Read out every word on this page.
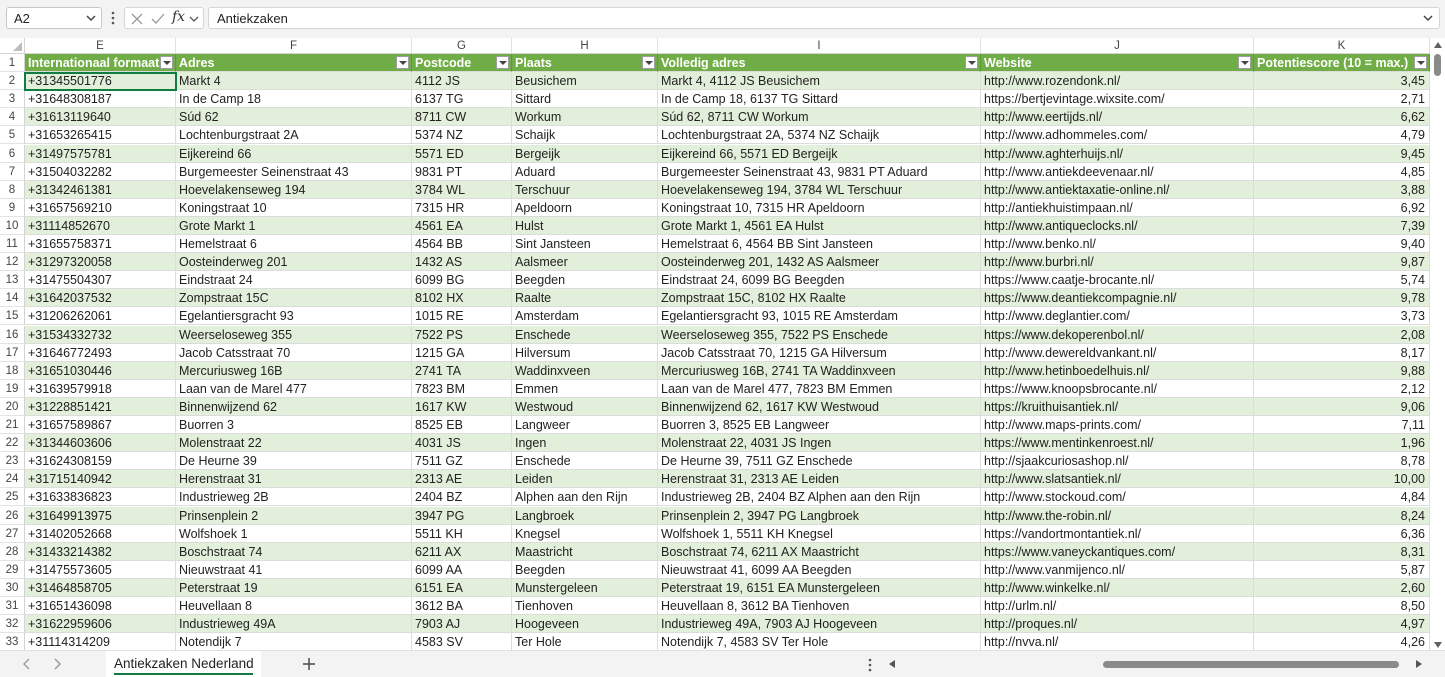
A2	fx Antiekzaken
E	F	G	H	I	J	K
1	Internationaal formaat	Adres	Postcode	Plaats	Volledig adres	Website	Potentiescore (10 = max.)
2	+31345501776	Markt 4	4112 JS	Beusichem	Markt 4, 4112 JS Beusichem	http://www.rozendonk.nl/	3,45
3	+31648308187	In de Camp 18	6137 TG	Sittard	In de Camp 18, 6137 TG Sittard	https://bertjevintage.wixsite.com/	2,71
4	+31613119640	Súd 62	8711 CW	Workum	Súd 62, 8711 CW Workum	http://www.eertijds.nl/	6,62
5	+31653265415	Lochtenburgstraat 2A	5374 NZ	Schaijk	Lochtenburgstraat 2A, 5374 NZ Schaijk	http://www.adhommeles.com/	4,79
6	+31497575781	Eijkereind 66	5571 ED	Bergeijk	Eijkereind 66, 5571 ED Bergeijk	http://www.aghterhuijs.nl/	9,45
7	+31504032282	Burgemeester Seinenstraat 43	9831 PT	Aduard	Burgemeester Seinenstraat 43, 9831 PT Aduard	http://www.antiekdeevenaar.nl/	4,85
8	+31342461381	Hoevelakenseweg 194	3784 WL	Terschuur	Hoevelakenseweg 194, 3784 WL Terschuur	http://www.antiektaxatie-online.nl/	3,88
9	+31657569210	Koningstraat 10	7315 HR	Apeldoorn	Koningstraat 10, 7315 HR Apeldoorn	http://antiekhuistimpaan.nl/	6,92
10 +31114852670	Grote Markt 1	4561 EA	Hulst	Grote Markt 1, 4561 EA Hulst	http://www.antiqueclocks.nl/	7,39
11 +31655758371	Hemelstraat 6	4564 BB	Sint Jansteen	Hemelstraat 6, 4564 BB Sint Jansteen	http://www.benko.nl/	9,40
12 +31297320058	Oosteinderweg 201	1432 AS	Aalsmeer	Oosteinderweg 201, 1432 AS Aalsmeer	http://www.burbri.nl/	9,87
13 +31475504307	Eindstraat 24	6099 BG	Beegden	Eindstraat 24, 6099 BG Beegden	https://www.caatje-brocante.nl/	5,74
14 +31642037532	Zompstraat 15C	8102 HX	Raalte	Zompstraat 15C, 8102 HX Raalte	https://www.deantiekcompagnie.nl/	9,78
15 +31206262061	Egelantiersgracht 93	1015 RE	Amsterdam	Egelantiersgracht 93, 1015 RE Amsterdam	http://www.deglantier.com/	3,73
16 +31534332732	Weerseloseweg 355	7522 PS	Enschede	Weerseloseweg 355, 7522 PS Enschede	https://www.dekoperenbol.nl/	2,08
17 +31646772493	Jacob Catsstraat 70	1215 GA	Hilversum	Jacob Catsstraat 70, 1215 GA Hilversum	http://www.dewereldvankant.nl/	8,17
18 +31651030446	Mercuriusweg 16B	2741 TA	Waddinxveen	Mercuriusweg 16B, 2741 TA Waddinxveen	http://www.hetinboedelhuis.nl/	9,88
19 +31639579918	Laan van de Marel 477	7823 BM	Emmen	Laan van de Marel 477, 7823 BM Emmen	https://www.knoopsbrocante.nl/	2,12
20 +31228851421	Binnenwijzend 62	1617 KW	Westwoud	Binnenwijzend 62, 1617 KW Westwoud	https://kruithuisantiek.nl/	9,06
21 +31657589867	Buorren 3	8525 EB	Langweer	Buorren 3, 8525 EB Langweer	http://www.maps-prints.com/	7,11
22 +31344603606	Molenstraat 22	4031 JS	Ingen	Molenstraat 22, 4031 JS Ingen	https://www.mentinkenroest.nl/	1,96
23 +31624308159	De Heurne 39	7511 GZ	Enschede	De Heurne 39, 7511 GZ Enschede	http://sjaakcuriosashop.nl/	8,78
24 +31715140942	Herenstraat 31	2313 AE	Leiden	Herenstraat 31, 2313 AE Leiden	http://www.slatsantiek.nl/	10,00
25 +31633836823	Industrieweg 2B	2404 BZ	Alphen aan den Rijn	Industrieweg 2B, 2404 BZ Alphen aan den Rijn	http://www.stockoud.com/	4,84
26 +31649913975	Prinsenplein 2	3947 PG	Langbroek	Prinsenplein 2, 3947 PG Langbroek	http://www.the-robin.nl/	8,24
27 +31402052668	Wolfshoek 1	5511 KH	Knegsel	Wolfshoek 1, 5511 KH Knegsel	https://vandortmontantiek.nl/	6,36
28 +31433214382	Boschstraat 74	6211 AX	Maastricht	Boschstraat 74, 6211 AX Maastricht	https://www.vaneyckantiques.com/	8,31
29 +31475573605	Nieuwstraat 41	6099 AA	Beegden	Nieuwstraat 41, 6099 AA Beegden	http://www.vanmijenco.nl/	5,87
30 +31464858705	Peterstraat 19	6151 EA	Munstergeleen	Peterstraat 19, 6151 EA Munstergeleen	http://www.winkelke.nl/	2,60
31 +31651436098	Heuvellaan 8	3612 BA	Tienhoven	Heuvellaan 8, 3612 BA Tienhoven	http://urlm.nl/	8,50
32 +31622959606	Industrieweg 49A	7903 AJ	Hoogeveen	Industrieweg 49A, 7903 AJ Hoogeveen	http://proques.nl/	4,97
33 +31114314209	Notendijk 7	4583 SV	Ter Hole	Notendijk 7, 4583 SV Ter Hole	http://nvva.nl/	4,26
Antiekzaken Nederland
